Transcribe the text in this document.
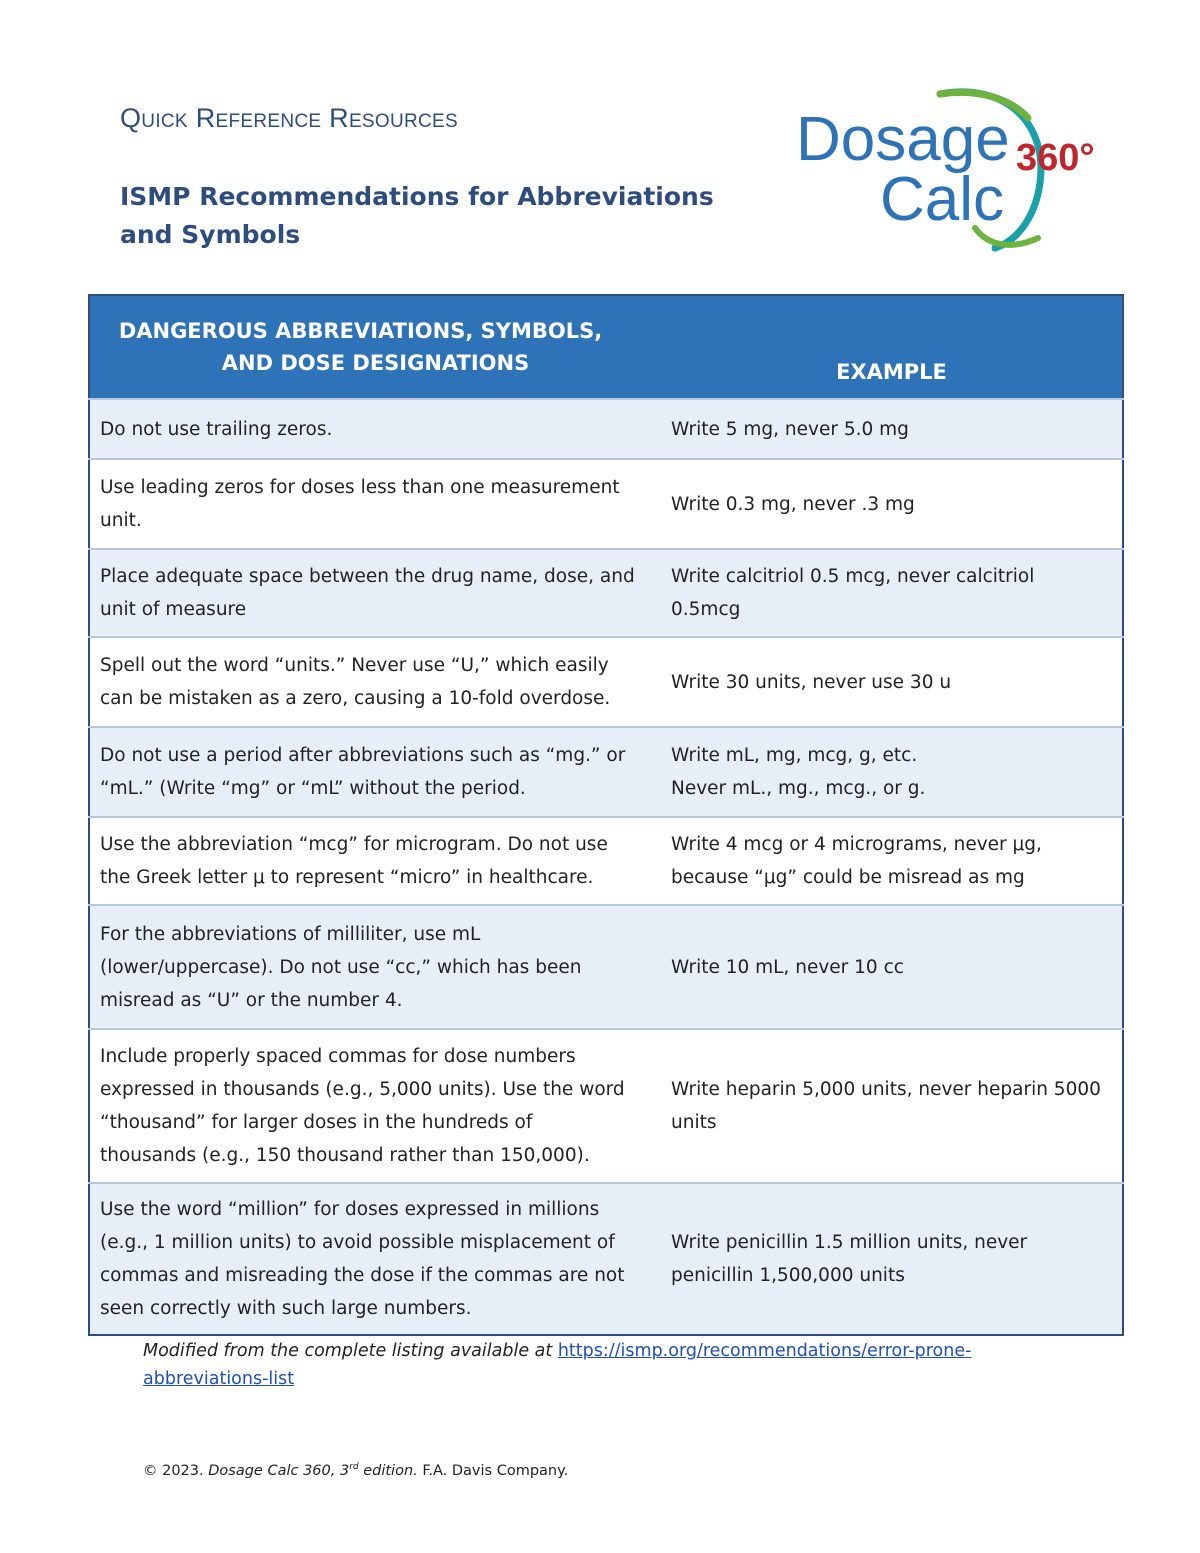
Quick Reference Resources
ISMP Recommendations for Abbreviations
and Symbols
Dosage
Calc
360°
DANGEROUS ABBREVIATIONS, SYMBOLS,
AND DOSE DESIGNATIONS	EXAMPLE

Do not use trailing zeros.	Write 5 mg, never 5.0 mg

Use leading zeros for doses less than one measurement
unit.	Write 0.3 mg, never .3 mg

Place adequate space between the drug name, dose, and
unit of measure	Write calcitriol 0.5 mcg, never calcitriol
0.5mcg

Spell out the word “units.” Never use “U,” which easily
can be mistaken as a zero, causing a 10-fold overdose.	Write 30 units, never use 30 u

Do not use a period after abbreviations such as “mg.” or
“mL.” (Write “mg” or “mL” without the period.	Write mL, mg, mcg, g, etc.
Never mL., mg., mcg., or g.

Use the abbreviation “mcg” for microgram. Do not use
the Greek letter μ to represent “micro” in healthcare.	Write 4 mcg or 4 micrograms, never μg,
because “μg” could be misread as mg

For the abbreviations of milliliter, use mL
(lower/uppercase). Do not use “cc,” which has been
misread as “U” or the number 4.	Write 10 mL, never 10 cc

Include properly spaced commas for dose numbers
expressed in thousands (e.g., 5,000 units). Use the word
“thousand” for larger doses in the hundreds of
thousands (e.g., 150 thousand rather than 150,000).	Write heparin 5,000 units, never heparin 5000
units

Use the word “million” for doses expressed in millions
(e.g., 1 million units) to avoid possible misplacement of
commas and misreading the dose if the commas are not
seen correctly with such large numbers.	Write penicillin 1.5 million units, never
penicillin 1,500,000 units

Modified from the complete listing available at https://ismp.org/recommendations/error-prone-
abbreviations-list

© 2023. Dosage Calc 360, 3rd edition. F.A. Davis Company.
